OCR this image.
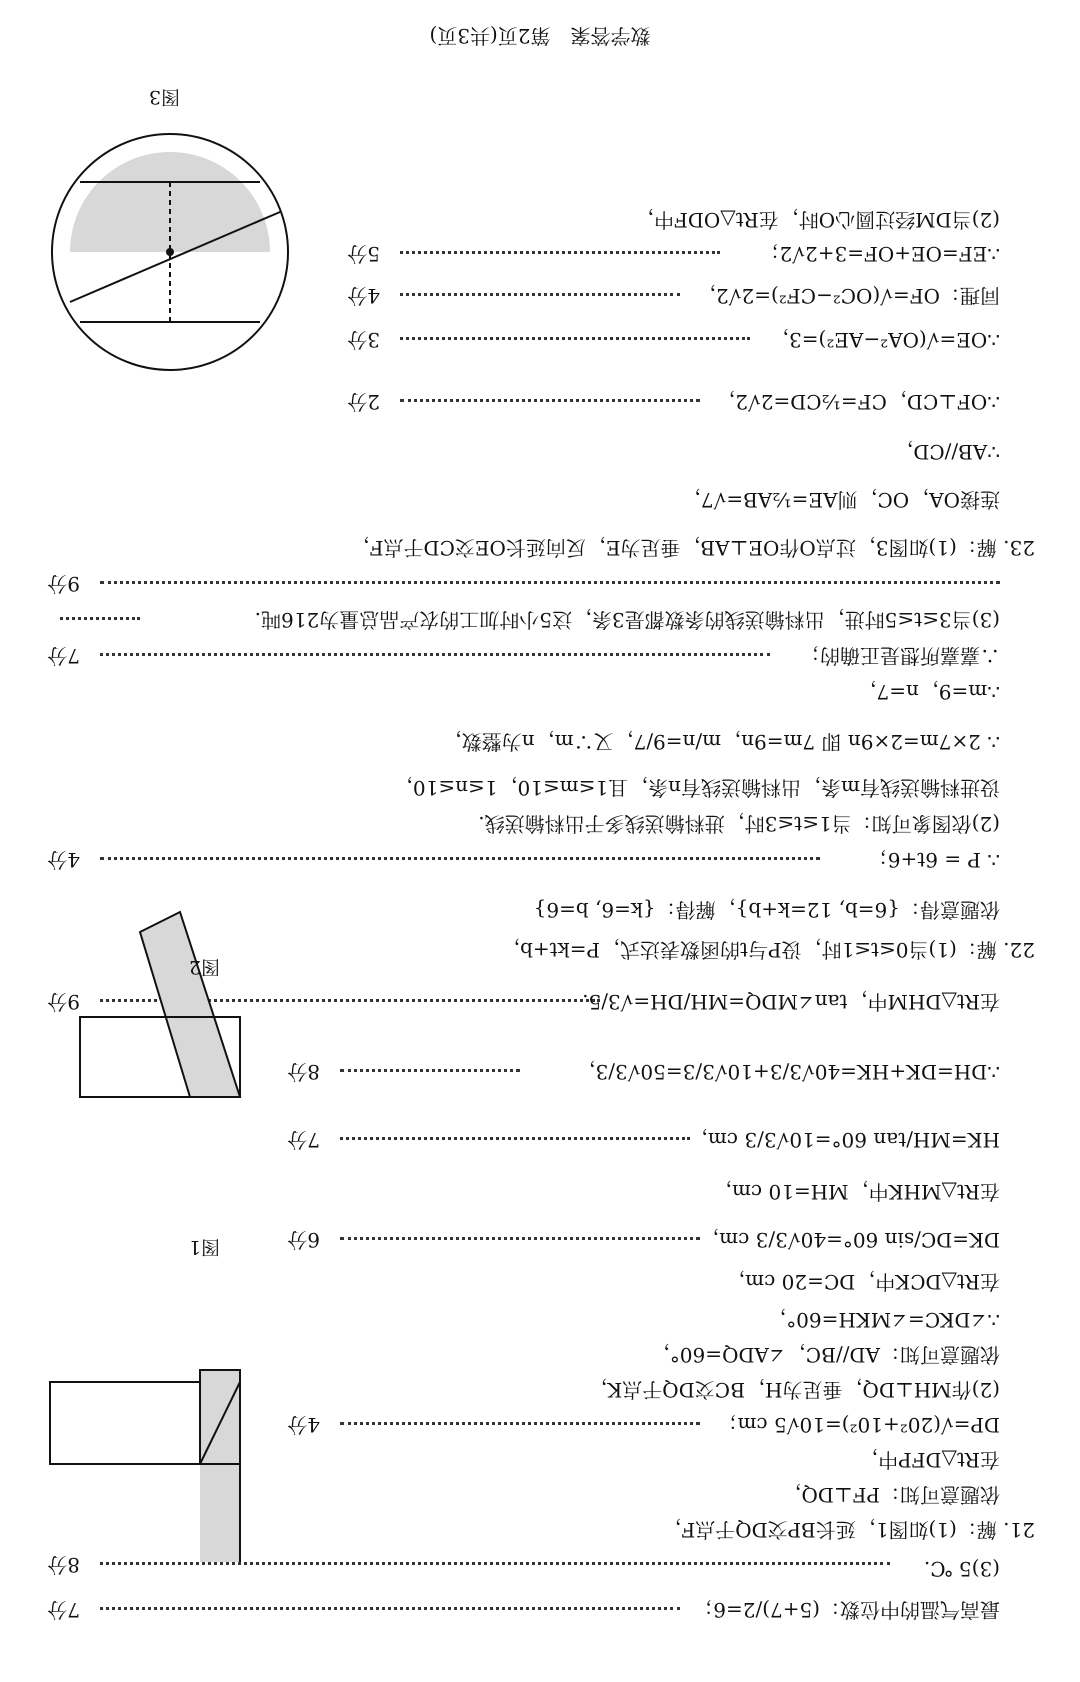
最高气温的中位数：(5+7)/2=6；
7分
(3)5 ℃.
8分
21. 解：(1)如图1，延长BP交DQ于点F，
依题意可知：PF⊥DQ，
在Rt△DFP中，
DP=√(20²+10²)=10√5 cm；
4分
(2)作MH⊥DQ，垂足为H，BC交DQ于点K，
依题意可知：AD//BC，∠ADQ=60°，
∴∠DKC=∠MKH=60°，
在Rt△DCK中，DC=20 cm，
DK=DC/sin 60°=40√3/3 cm，
6分
在Rt△MHK中，MH=10 cm，
HK=MH/tan 60°=10√3/3 cm，
7分
∴DH=DK+HK=40√3/3+10√3/3=50√3/3，
8分
在Rt△DHM中，tan∠MDQ=MH/DH=√3/5.
9分
22. 解：(1)当0≤t≤1时，设P与t的函数表达式，P=kt+b，
依题意得：{6=b, 12=k+b}，解得：{k=6, b=6}
∴ P = 6t+6；
4分
(2)依图象可知：当1≤t≤3时，进料输送线多于出料输送线.
设进料输送线有m条，出料输送线有n条，且1≤m≤10，1≤n≤10，
∴ 2×7m=2×9n 即 7m=9n，m/n=9/7，又∵m，n为整数，
∴m=9，n=7，
∴嘉嘉所想是正确的；
7分
(3)当3≤t≤5时进，出料输送线的条数都是3条，这5小时加工的农产品总量为216吨.
9分
23. 解：(1)如图3，过点O作OE⊥AB，垂足为E，反向延长OE交CD于点F，
连接OA，OC，则AE=½AB=√7，
∵AB//CD，
∴OF⊥CD，CF=½CD=2√2，
2分
∴OE=√(OA²−AE²)=3，
3分
同理：OF=√(OC²−CF²)=2√2，
4分
∴EF=OE+OF=3+2√2；
5分
(2)当DM经过圆心O时，在Rt△ODF中，
数学答案　第2页(共3页)
图1
图2
图3
